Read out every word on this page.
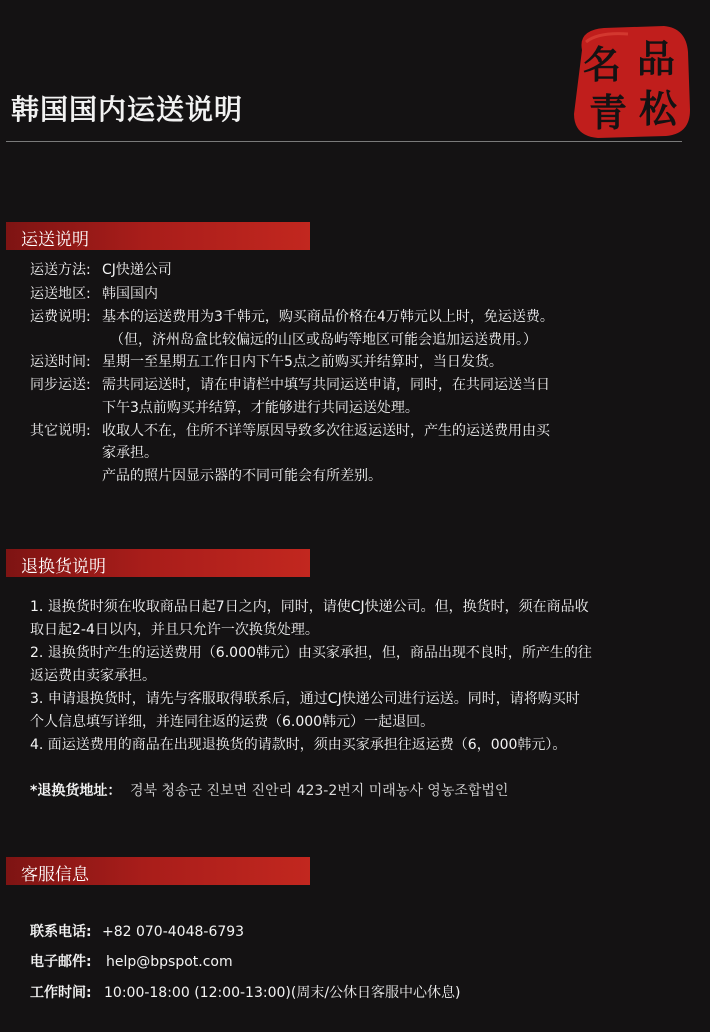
韩国国内运送说明
名 品
青 松
运送说明
运送方法: CJ快递公司
运送地区: 韩国国内
运费说明: 基本的运送费用为3千韩元，购买商品价格在4万韩元以上时，免运送费。
（但，济州岛盒比较偏远的山区或岛屿等地区可能会追加运送费用。）
运送时间: 星期一至星期五工作日内下午5点之前购买并结算时，当日发货。
同步运送: 需共同运送时，请在申请栏中填写共同运送申请，同时，在共同运送当日
下午3点前购买并结算，才能够进行共同运送处理。
其它说明: 收取人不在，住所不详等原因导致多次往返运送时，产生的运送费用由买
家承担。
产品的照片因显示器的不同可能会有所差别。
退换货说明
1. 退换货时须在收取商品日起7日之内，同时，请使CJ快递公司。但，换货时，须在商品收
取日起2-4日以内，并且只允许一次换货处理。
2. 退换货时产生的运送费用（6.000韩元）由买家承担，但，商品出现不良时，所产生的往
返运费由卖家承担。
3. 申请退换货时，请先与客服取得联系后，通过CJ快递公司进行运送。同时，请将购买时
个人信息填写详细，并连同往返的运费（6.000韩元）一起退回。
4. 面运送费用的商品在出现退换货的请款时，须由买家承担往返运费（6，000韩元）。
*退换货地址： 경북 청송군 진보면 진안리 423-2번지 미래농사 영농조합법인
客服信息
联系电话: +82 070-4048-6793
电子邮件: help@bpspot.com
工作时间: 10:00-18:00 (12:00-13:00)(周末/公休日客服中心休息)
